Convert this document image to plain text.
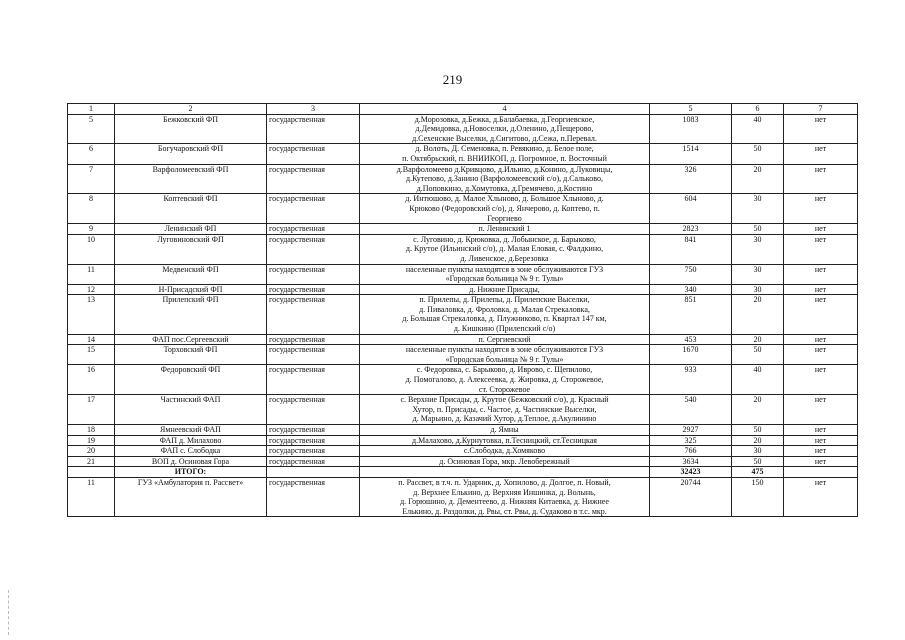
219
1	2	3	4	5	6	7
5	Бежковский ФП	государственная	д.Морозовка, д.Бежка, д.Балабаевка, д.Георгиевское,
д.Демидовка, д.Новоселки, д.Оленино, д.Пещерово,
д.Сехенские Выселки, д.Сигитово, д.Сежа, п.Перевал.	1083	40	нет
6	Богучаровский ФП	государственная	д. Волоть, Д. Семеновка, п. Ревякино, д. Белое поле,
п. Октябрьский, п. ВНИИКОП, д. Погромное, п. Восточный	1514	50	нет
7	Варфоломеевский ФП	государственная	д.Варфоломеево д.Кривцово, д.Ильино, д.Конино, д.Луковицы,
д.Кутепово, д.Занино (Варфоломеевский с/о), д.Сальково,
д.Поповкино, д.Хомутовка, д.Гремячево, д.Костино	326	20	нет
8	Коптевский ФП	государственная	д. Интюшово, д. Малое Хлыново, д. Большое Хлыново, д.
Крюково (Федоровский с/о), д. Янчерово, д. Коптево, п.
Георгиево	604	30	нет
9	Ленинский ФП	государственная	п. Ленинский 1	2823	50	нет
10	Луговиновский ФП	государственная	с. Луговино, д. Крюковка, д. Лобынское, д. Барыково,
д. Крутое (Ильинский с/о), д. Малая Еловая, с. Фалдкино,
д. Ливенское, д.Березовка	841	30	нет
11	Медвенский ФП	государственная	населенные пункты находятся в зоне обслуживаются ГУЗ
«Городская больница № 9 г. Тулы»	750	30	нет
12	Н-Присадский ФП	государственная	д. Нижние Присады,	340	30	нет
13	Прилепский ФП	государственная	п. Прилепы, д. Прилепы, д. Прилепские Выселки,
д. Пиваловка, д. Фроловка, д. Малая Стрекаловка,
д. Большая Стрекаловка, д. Плужниково, п. Квартал 147 км,
д. Кишкино (Прилепский с/о)	851	20	нет
14	ФАП пос.Сергеевский	государственная	п. Сергиевский	453	20	нет
15	Торховский ФП	государственная	населенные пункты находятся в зоне обслуживаются ГУЗ
«Городская больница № 9 г. Тулы»	1670	50	нет
16	Федоровский ФП	государственная	с. Федоровка, с. Барыково, д. Иврово, с. Щепилово,
д. Помогалово, д. Алексеевка, д. Жировка, д. Сторожевое,
ст. Сторожевое	933	40	нет
17	Частинский ФАП	государственная	с. Верхние Присады, д. Крутое (Бежковский с/о), д. Красный
Хутор, п. Присады, с. Частое, д. Частинские Выселки,
д. Марьино, д. Казачий Хутор, д.Теплое, д.Акулинино	540	20	нет
18	Ямнеевский ФАП	государственная	д. Ямны	2927	50	нет
19	ФАП д. Милахово	государственная	д.Малахово, д.Курнутовка, п.Тесницкий, ст.Тесницкая	325	20	нет
20	ФАП с. Слободка	государственная	с.Слободка, д.Хомяково	766	30	нет
21	ВОП д. Осиновая Гора	государственная	д. Осиновая Гора, мкр. Левобережный	3634	50	нет
	ИТОГО:			32423	475	
11	ГУЗ «Амбулатория п. Рассвет»	государственная	п. Рассвет, в т.ч. п. Ударник, д. Хопилово, д. Долгое, п. Новый,
д. Верхнее Елькино, д. Верхняя Иншинка, д. Волынь,
д. Горюшино, д. Дементеево, д. Нижняя Китаевка, д. Нижнее
Елькино, д. Раздолки, д. Рвы, ст. Рвы, д. Судаково в т.с. мкр.	20744	150	нет
